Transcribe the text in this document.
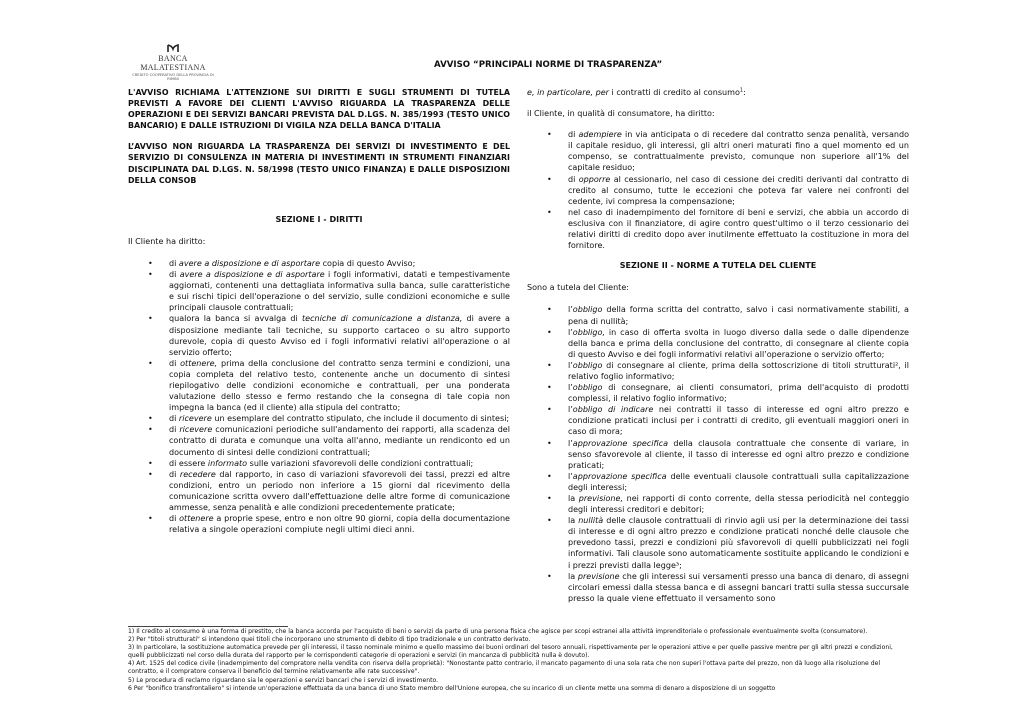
BANCA MALATESTIANA
CREDITO COOPERATIVO DELLA PROVINCIA DI RIMINI
AVVISO “PRINCIPALI NORME DI TRASPARENZA”

L'AVVISO RICHIAMA L'ATTENZIONE SUI DIRITTI E SUGLI STRUMENTI DI TUTELA PREVISTI A FAVORE DEI CLIENTI L'AVVISO RIGUARDA LA TRASPARENZA DELLE OPERAZIONI E DEI SERVIZI BANCARI PREVISTA DAL D.LGS. N. 385/1993 (TESTO UNICO BANCARIO) E DALLE ISTRUZIONI DI VIGILA NZA DELLA BANCA D'ITALIA

L’AVVISO NON RIGUARDA LA TRASPARENZA DEI SERVIZI DI INVESTIMENTO E DEL SERVIZIO DI CONSULENZA IN MATERIA DI INVESTIMENTI IN STRUMENTI FINANZIARI DISCIPLINATA DAL D.LGS. N. 58/1998 (TESTO UNICO FINANZA) E DALLE DISPOSIZIONI DELLA CONSOB

SEZIONE I - DIRITTI

Il Cliente ha diritto:

• di avere a disposizione e di asportare copia di questo Avviso;
• di avere a disposizione e di asportare i fogli informativi, datati e tempestivamente aggiornati, contenenti una dettagliata informativa sulla banca, sulle caratteristiche e sui rischi tipici dell'operazione o del servizio, sulle condizioni economiche e sulle principali clausole contrattuali;
• qualora la banca si avvalga di tecniche di comunicazione a distanza, di avere a disposizione mediante tali tecniche, su supporto cartaceo o su altro supporto durevole, copia di questo Avviso ed i fogli informativi relativi all'operazione o al servizio offerto;
• di ottenere, prima della conclusione del contratto senza termini e condizioni, una copia completa del relativo testo, contenente anche un documento di sintesi riepilogativo delle condizioni economiche e contrattuali, per una ponderata valutazione dello stesso e fermo restando che la consegna di tale copia non impegna la banca (ed il cliente) alla stipula del contratto;
• di ricevere un esemplare del contratto stipulato, che include il documento di sintesi;
• di ricevere comunicazioni periodiche sull'andamento dei rapporti, alla scadenza del contratto di durata e comunque una volta all'anno, mediante un rendiconto ed un documento di sintesi delle condizioni contrattuali;
• di essere informato sulle variazioni sfavorevoli delle condizioni contrattuali;
• di recedere dal rapporto, in caso di variazioni sfavorevoli dei tassi, prezzi ed altre condizioni, entro un periodo non inferiore a 15 giorni dal ricevimento della comunicazione scritta ovvero dall'effettuazione delle altre forme di comunicazione ammesse, senza penalità e alle condizioni precedentemente praticate;
• di ottenere a proprie spese, entro e non oltre 90 giorni, copia della documentazione relativa a singole operazioni compiute negli ultimi dieci anni.

e, in particolare, per i contratti di credito al consumo$^1$:

il Cliente, in qualità di consumatore, ha diritto:

• di adempiere in via anticipata o di recedere dal contratto senza penalità, versando il capitale residuo, gli interessi, gli altri oneri maturati fino a quel momento ed un compenso, se contrattualmente previsto, comunque non superiore all'1% del capitale residuo;
• di opporre al cessionario, nel caso di cessione dei crediti derivanti dal contratto di credito al consumo, tutte le eccezioni che poteva far valere nei confronti del cedente, ivi compresa la compensazione;
• nel caso di inadempimento del fornitore di beni e servizi, che abbia un accordo di esclusiva con il finanziatore, di agire contro quest'ultimo o il terzo cessionario dei relativi diritti di credito dopo aver inutilmente effettuato la costituzione in mora del fornitore.

SEZIONE II - NORME A TUTELA DEL CLIENTE

Sono a tutela del Cliente:

• l’obbligo della forma scritta del contratto, salvo i casi normativamente stabiliti, a pena di nullità;
• l’obbligo, in caso di offerta svolta in luogo diverso dalla sede o dalle dipendenze della banca e prima della conclusione del contratto, di consegnare al cliente copia di questo Avviso e dei fogli informativi relativi all’operazione o servizio offerto;
• l’obbligo di consegnare al cliente, prima della sottoscrizione di titoli strutturati², il relativo foglio informativo;
• l’obbligo di consegnare, ai clienti consumatori, prima dell'acquisto di prodotti complessi, il relativo foglio informativo;
• l’obbligo di indicare nei contratti il tasso di interesse ed ogni altro prezzo e condizione praticati inclusi per i contratti di credito, gli eventuali maggiori oneri in caso di mora;
• l’approvazione specifica della clausola contrattuale che consente di variare, in senso sfavorevole al cliente, il tasso di interesse ed ogni altro prezzo e condizione praticati;
• l’approvazione specifica delle eventuali clausole contrattuali sulla capitalizzazione degli interessi;
• la previsione, nei rapporti di conto corrente, della stessa periodicità nel conteggio degli interessi creditori e debitori;
• la nullità delle clausole contrattuali di rinvio agli usi per la determinazione dei tassi di interesse e di ogni altro prezzo e condizione praticati nonché delle clausole che prevedono tassi, prezzi e condizioni più sfavorevoli di quelli pubblicizzati nei fogli informativi. Tali clausole sono automaticamente sostituite applicando le condizioni e i prezzi previsti dalla legge³;
• la previsione che gli interessi sui versamenti presso una banca di denaro, di assegni circolari emessi dalla stessa banca e di assegni bancari tratti sulla stessa succursale presso la quale viene effettuato il versamento sono

1) Il credito al consumo è una forma di prestito, che la banca accorda per l'acquisto di beni o servizi da parte di una persona fisica che agisce per scopi estranei alla attività imprenditoriale o professionale eventualmente svolta (consumatore).

2) Per "titoli strutturati" si intendono quei titoli che incorporano uno strumento di debito di tipo tradizionale e un contratto derivato.

3) In particolare, la sostituzione automatica prevede per gli interessi, il tasso nominale minimo e quello massimo dei buoni ordinari del tesoro annuali, rispettivamente per le operazioni attive e per quelle passive mentre per gli altri prezzi e condizioni, quelli pubblicizzati nel corso della durata del rapporto per le corrispondenti categorie di operazioni e servizi (in mancanza di pubblicità nulla è dovuto).

4) Art. 1525 del codice civile (inadempimento del compratore nella vendita con riserva della proprietà): "Nonostante patto contrario, il mancato pagamento di una sola rata che non superi l'ottava parte del prezzo, non dà luogo alla risoluzione del contratto, e il compratore conserva il beneficio del termine relativamente alle rate successive".

5) Le procedura di reclamo riguardano sia le operazioni e servizi bancari che i servizi di investimento.

6 Per "bonifico transfrontaliero" si intende un'operazione effettuata da una banca di uno Stato membro dell'Unione europea, che su incarico di un cliente mette una somma di denaro a disposizione di un soggetto
